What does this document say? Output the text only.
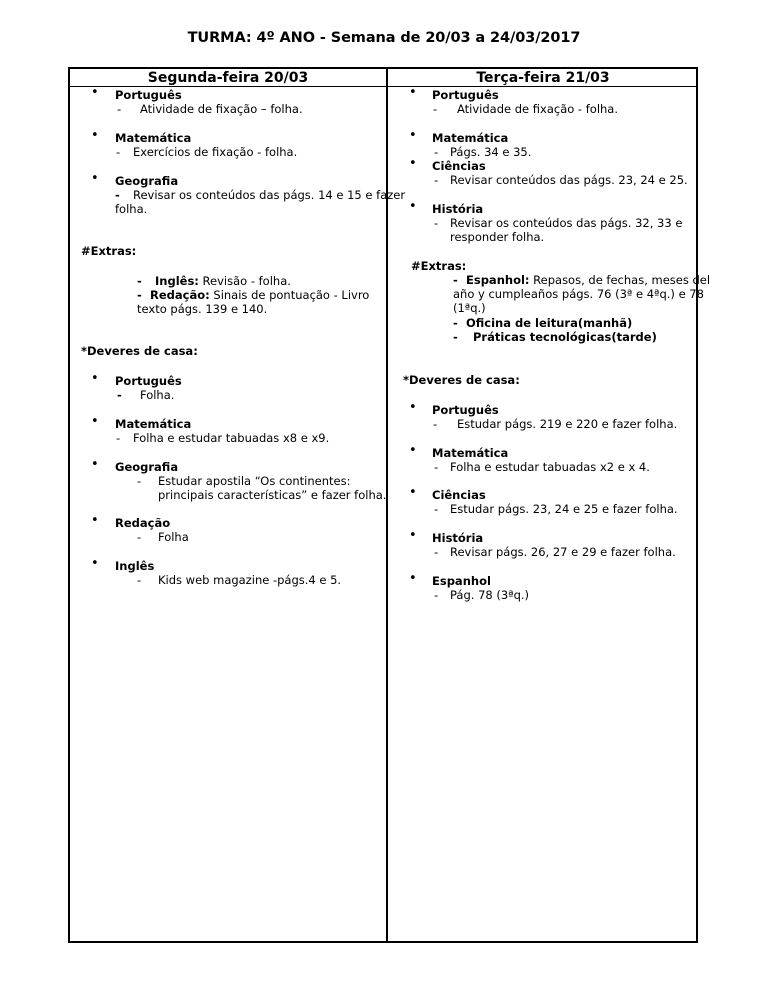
TURMA: 4º ANO - Semana de 20/03 a 24/03/2017
Segunda-feira 20/03	Terça-feira 21/03
• Português
- Atividade de fixação – folha.
• Matemática
- Exercícios de fixação - folha.
• Geografia
- Revisar os conteúdos das págs. 14 e 15 e fazer
folha.
#Extras:
- Inglês: Revisão - folha.
- Redação: Sinais de pontuação - Livro
texto págs. 139 e 140.
*Deveres de casa:
• Português
- Folha.
• Matemática
- Folha e estudar tabuadas x8 e x9.
• Geografia
- Estudar apostila “Os continentes:
principais características” e fazer folha.
• Redação
- Folha
• Inglês
- Kids web magazine -págs.4 e 5.
• Português
- Atividade de fixação - folha.
• Matemática
- Págs. 34 e 35.
• Ciências
- Revisar conteúdos das págs. 23, 24 e 25.
• História
- Revisar os conteúdos das págs. 32, 33 e
responder folha.
#Extras:
- Espanhol: Repasos, de fechas, meses del
año y cumpleaños págs. 76 (3ª e 4ªq.) e 78
(1ªq.)
- Oficina de leitura(manhã)
- Práticas tecnológicas(tarde)
*Deveres de casa:
• Português
- Estudar págs. 219 e 220 e fazer folha.
• Matemática
- Folha e estudar tabuadas x2 e x 4.
• Ciências
- Estudar págs. 23, 24 e 25 e fazer folha.
• História
- Revisar págs. 26, 27 e 29 e fazer folha.
• Espanhol
- Pág. 78 (3ªq.)
